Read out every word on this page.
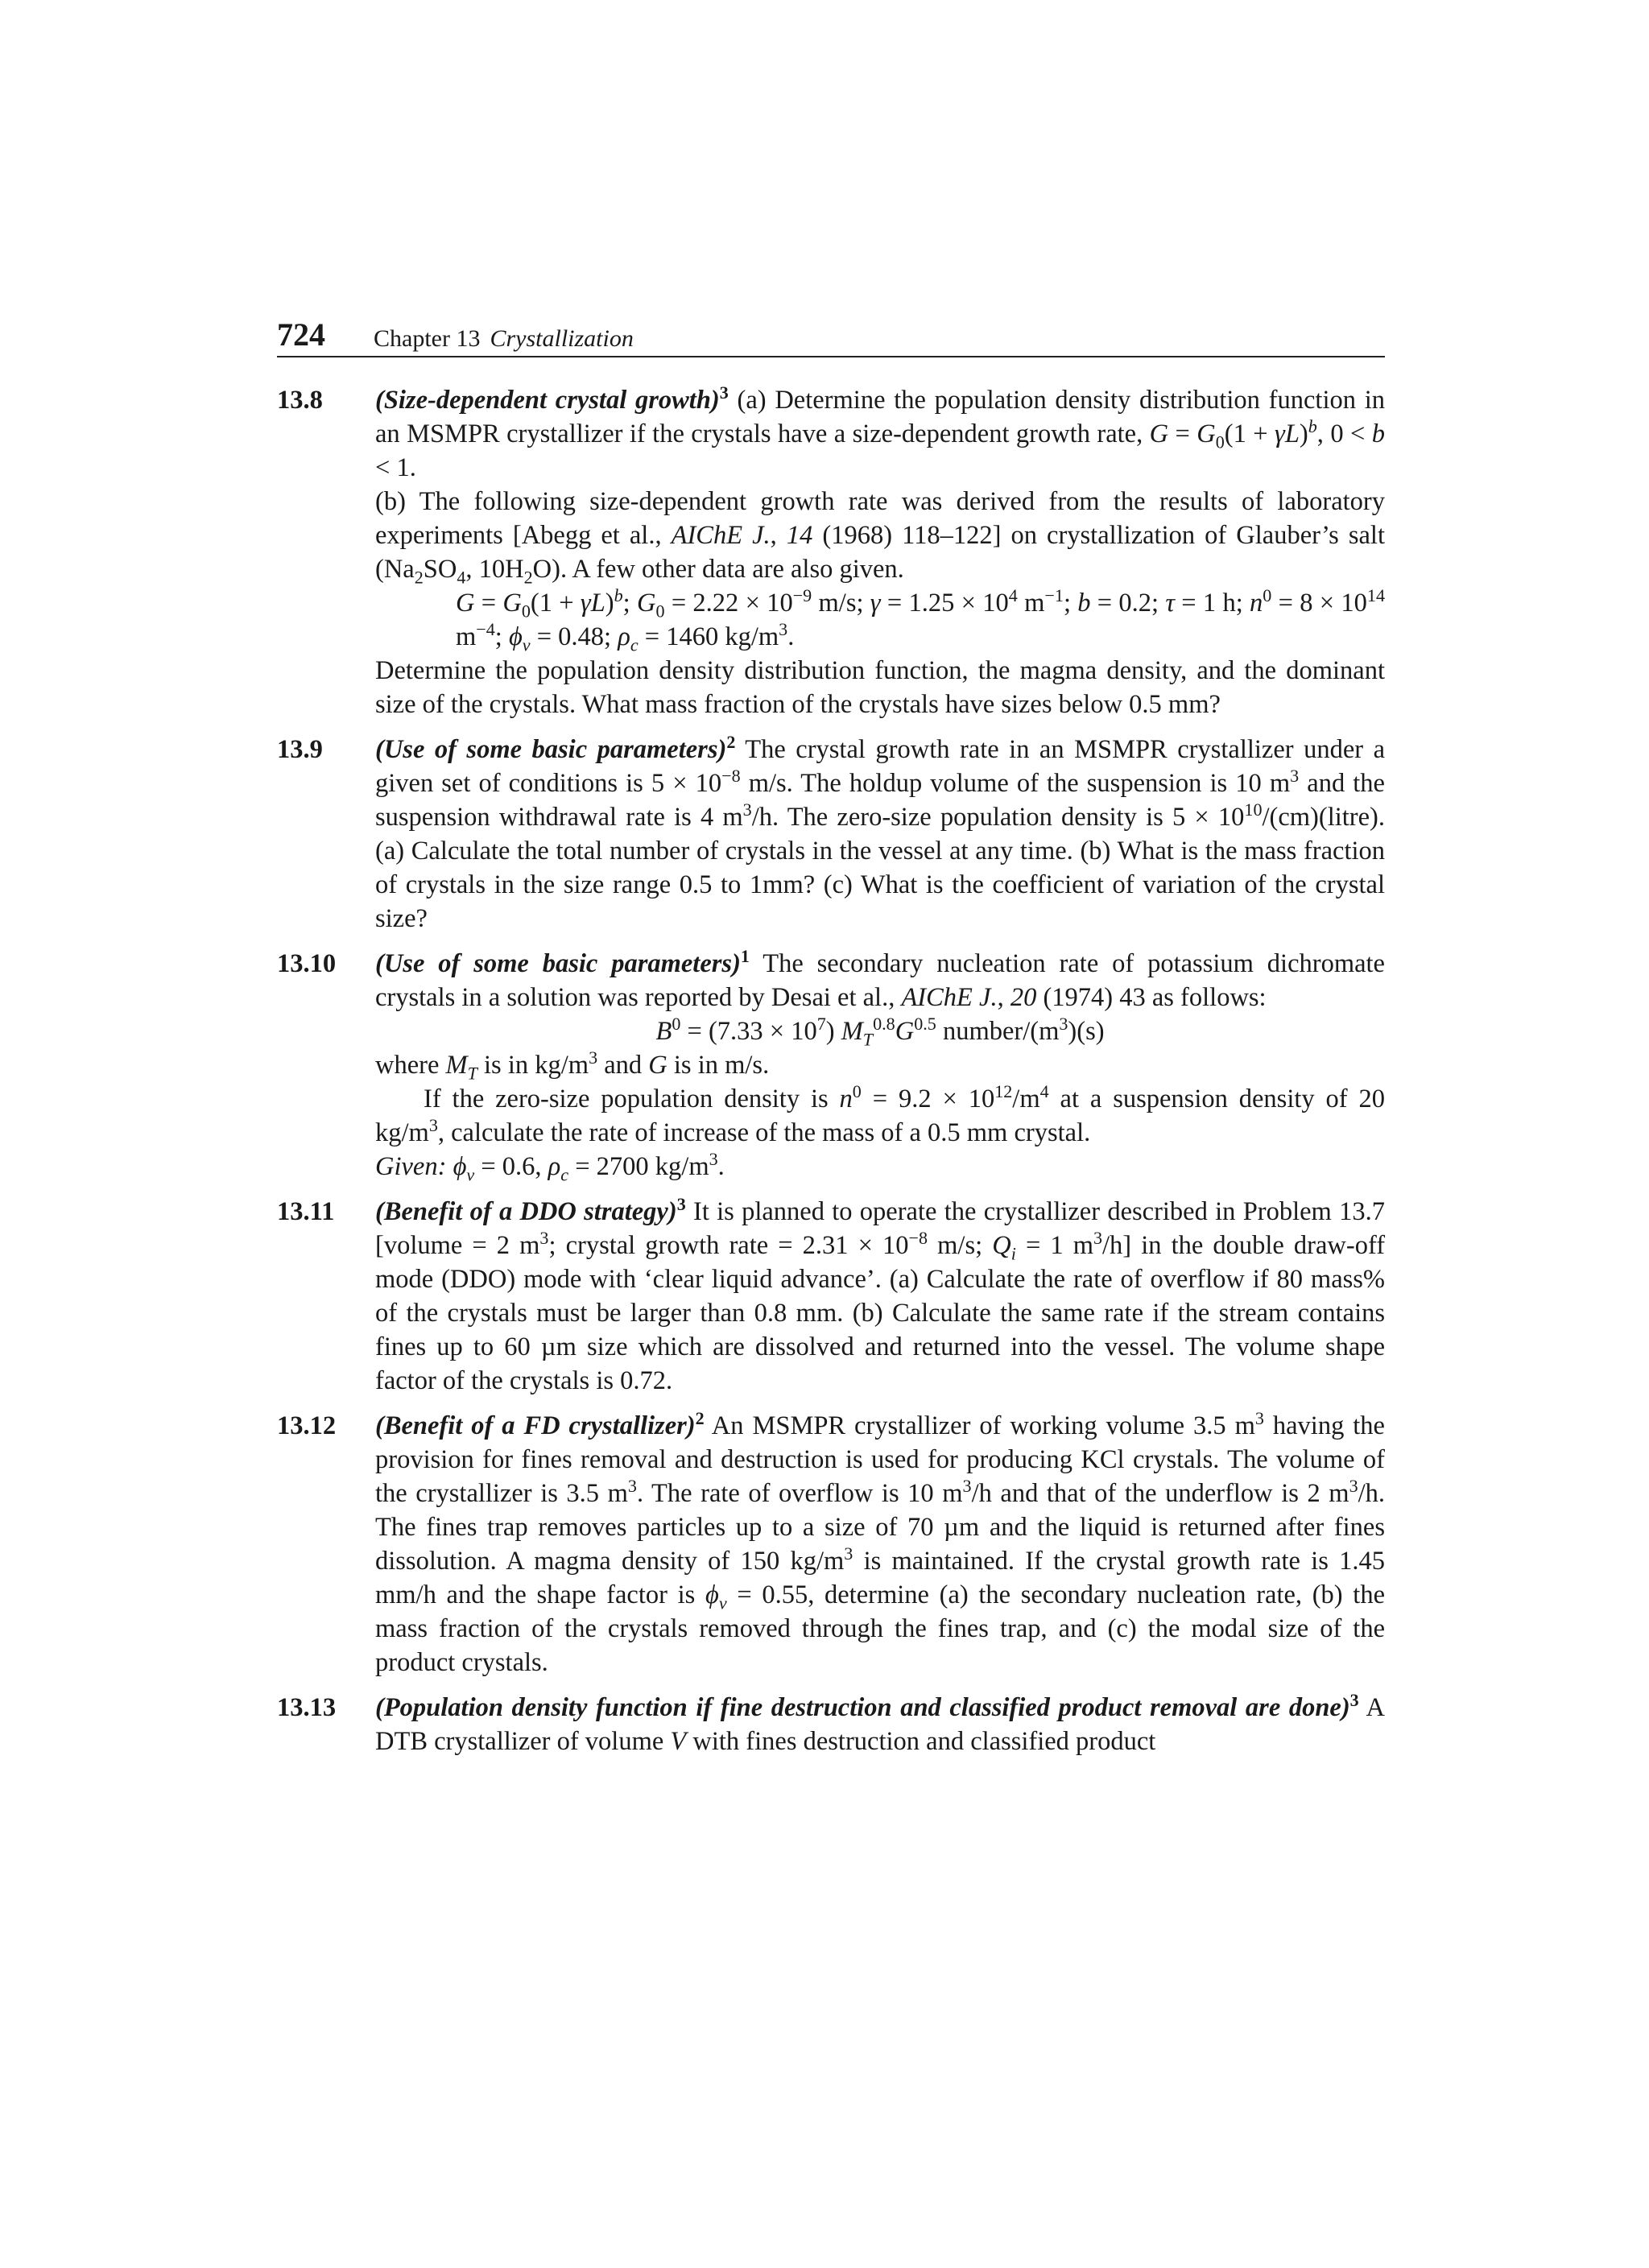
724 Chapter 13 Crystallization
13.8 (Size-dependent crystal growth)$^3$ (a) Determine the population density distribution function in an MSMPR crystallizer if the crystals have a size-dependent growth rate, $G = G_0(1 + \gamma L)^b$, 0 < b < 1.

(b) The following size-dependent growth rate was derived from the results of laboratory experiments [Abegg et al., AIChE J., 14 (1968) 118–122] on crystallization of Glauber’s salt ($Na_2SO_4$, $10H_2O$). A few other data are also given.

$G = G_0(1 + \gamma L)^b$; $G_0 = 2.22 \times 10^{-9}$ m/s; $\gamma = 1.25 \times 10^4$ $m^{-1}$; b = 0.2; τ = 1 h; $n^0 = 8 \times 10^{14}$ $m^{-4}$; $\phi_v = 0.48$; $\rho_c = 1460$ $kg/m^3$.

Determine the population density distribution function, the magma density, and the dominant size of the crystals. What mass fraction of the crystals have sizes below 0.5 mm?

13.9 (Use of some basic parameters)$^2$ The crystal growth rate in an MSMPR crystallizer under a given set of conditions is $5 \times 10^{-8}$ m/s. The holdup volume of the suspension is 10 $m^3$ and the suspension withdrawal rate is 4 $m^3/h$. The zero-size population density is $5 \times 10^{10}/(cm)(litre)$. (a) Calculate the total number of crystals in the vessel at any time. (b) What is the mass fraction of crystals in the size range 0.5 to 1mm? (c) What is the coefficient of variation of the crystal size?

13.10 (Use of some basic parameters)$^1$ The secondary nucleation rate of potassium dichromate crystals in a solution was reported by Desai et al., AIChE J., 20 (1974) 43 as follows:

$B^0 = (7.33 \times 10^7)$ $M_T^{0.8}G^{0.5}$ number/$(m^3)(s)$

where $M_T$ is in $kg/m^3$ and G is in m/s.

If the zero-size population density is $n^0 = 9.2 \times 10^{12}/m^4$ at a suspension density of 20 $kg/m^3$, calculate the rate of increase of the mass of a 0.5 mm crystal.

Given: $\phi_v = 0.6$, $\rho_c = 2700$ $kg/m^3$.

13.11 (Benefit of a DDO strategy)$^3$ It is planned to operate the crystallizer described in Problem 13.7 [volume = 2 $m^3$; crystal growth rate = $2.31 \times 10^{-8}$ m/s; $Q_i = 1$ $m^3/h$] in the double draw-off mode (DDO) mode with ‘clear liquid advance’. (a) Calculate the rate of overflow if 80 mass% of the crystals must be larger than 0.8 mm. (b) Calculate the same rate if the stream contains fines up to 60 µm size which are dissolved and returned into the vessel. The volume shape factor of the crystals is 0.72.

13.12 (Benefit of a FD crystallizer)$^2$ An MSMPR crystallizer of working volume 3.5 $m^3$ having the provision for fines removal and destruction is used for producing KCl crystals. The volume of the crystallizer is 3.5 $m^3$. The rate of overflow is 10 $m^3/h$ and that of the underflow is 2 $m^3/h$. The fines trap removes particles up to a size of 70 µm and the liquid is returned after fines dissolution. A magma density of 150 $kg/m^3$ is maintained. If the crystal growth rate is 1.45 mm/h and the shape factor is $\phi_v = 0.55$, determine (a) the secondary nucleation rate, (b) the mass fraction of the crystals removed through the fines trap, and (c) the modal size of the product crystals.

13.13 (Population density function if fine destruction and classified product removal are done)$^3$ A DTB crystallizer of volume V with fines destruction and classified product
